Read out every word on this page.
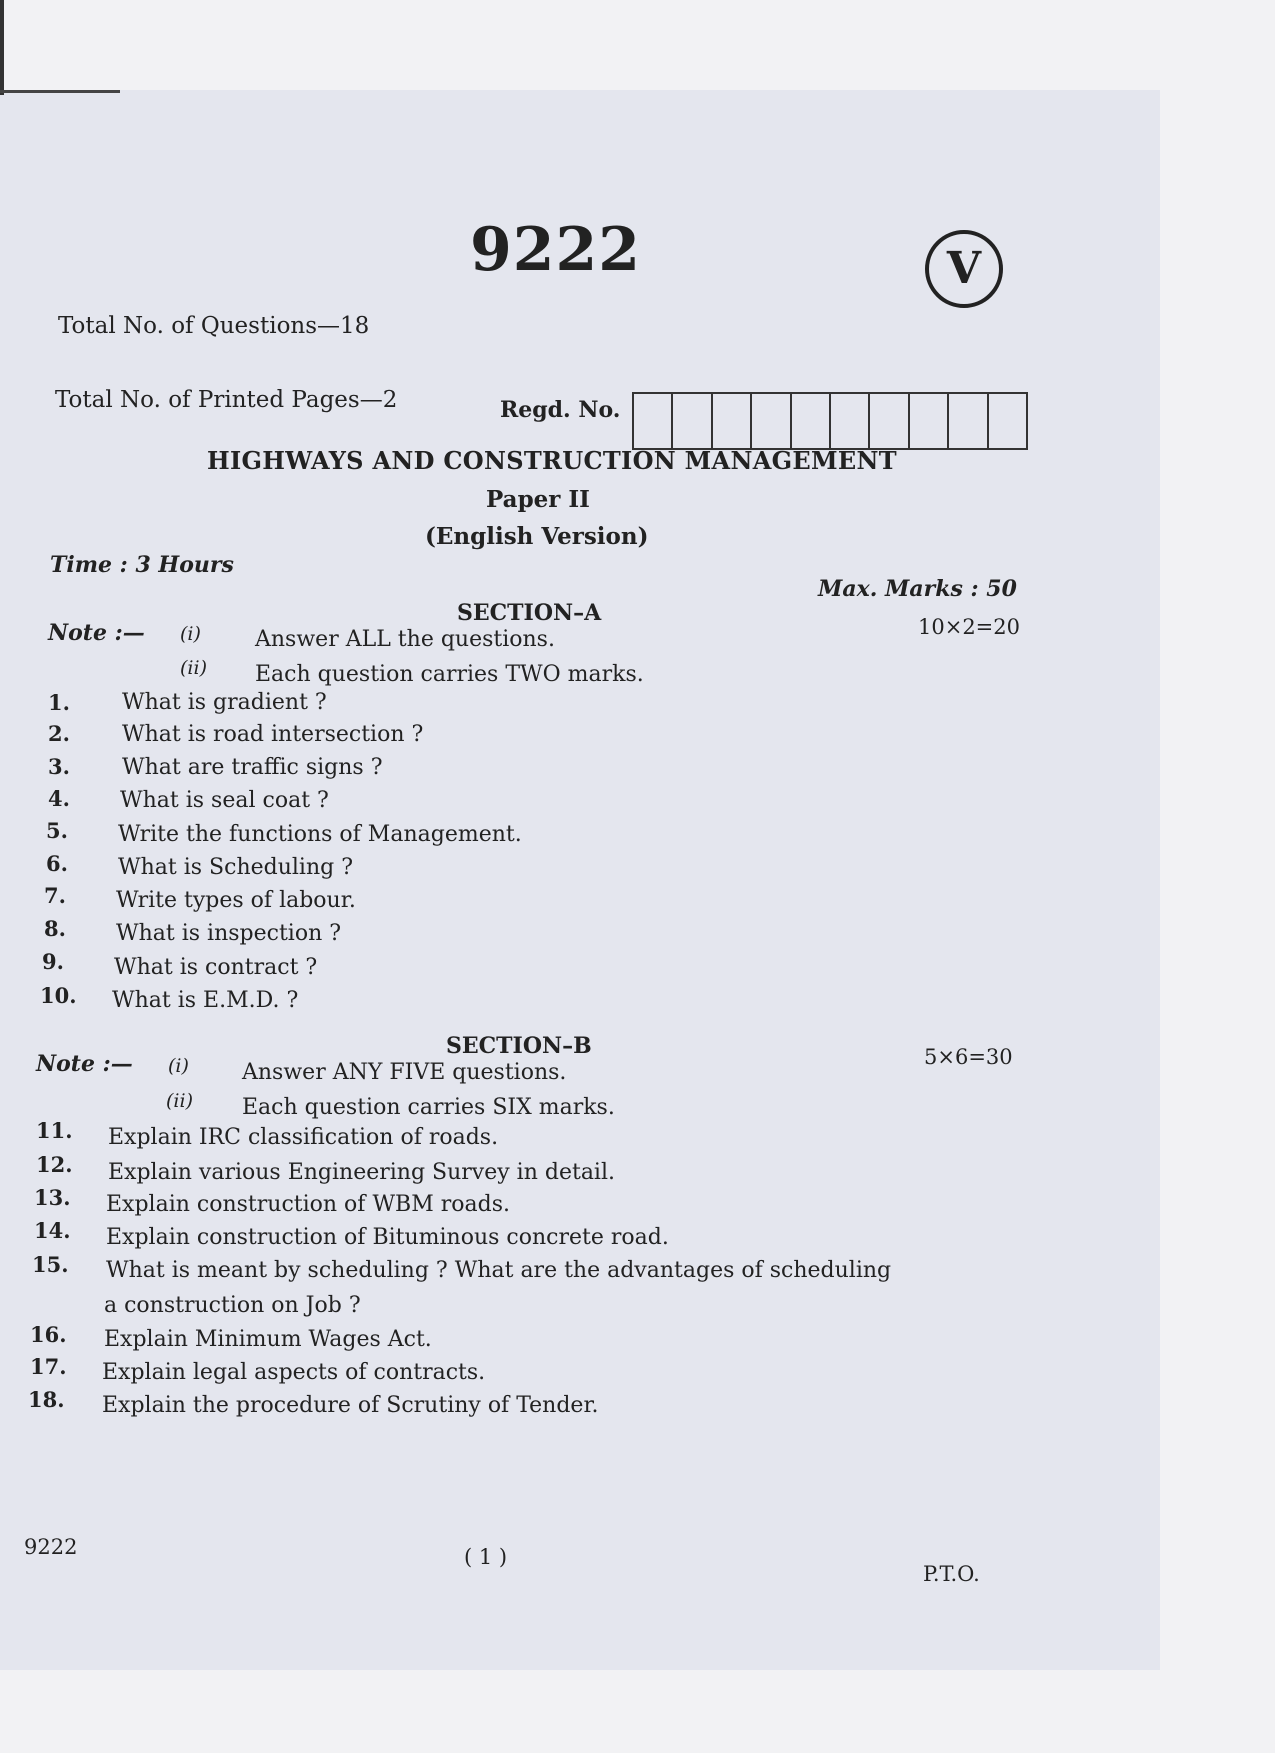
9222	V
Total No. of Questions—18
Total No. of Printed Pages—2	Regd. No.
HIGHWAYS AND CONSTRUCTION MANAGEMENT
Paper II
(English Version)
Time : 3 Hours
Max. Marks : 50
SECTION–A
10×2=20
Note :— (i) Answer ALL the questions.
(ii) Each question carries TWO marks.
1. What is gradient ?
2. What is road intersection ?
3. What are traffic signs ?
4. What is seal coat ?
5. Write the functions of Management.
6. What is Scheduling ?
7. Write types of labour.
8. What is inspection ?
9. What is contract ?
10. What is E.M.D. ?
SECTION–B	5×6=30
Note :— (i) Answer ANY FIVE questions.
(ii) Each question carries SIX marks.
11. Explain IRC classification of roads.
12. Explain various Engineering Survey in detail.
13. Explain construction of WBM roads.
14. Explain construction of Bituminous concrete road.
15. What is meant by scheduling ? What are the advantages of scheduling
a construction on Job ?
16. Explain Minimum Wages Act.
17. Explain legal aspects of contracts.
18. Explain the procedure of Scrutiny of Tender.
9222	( 1 )
P.T.O.
